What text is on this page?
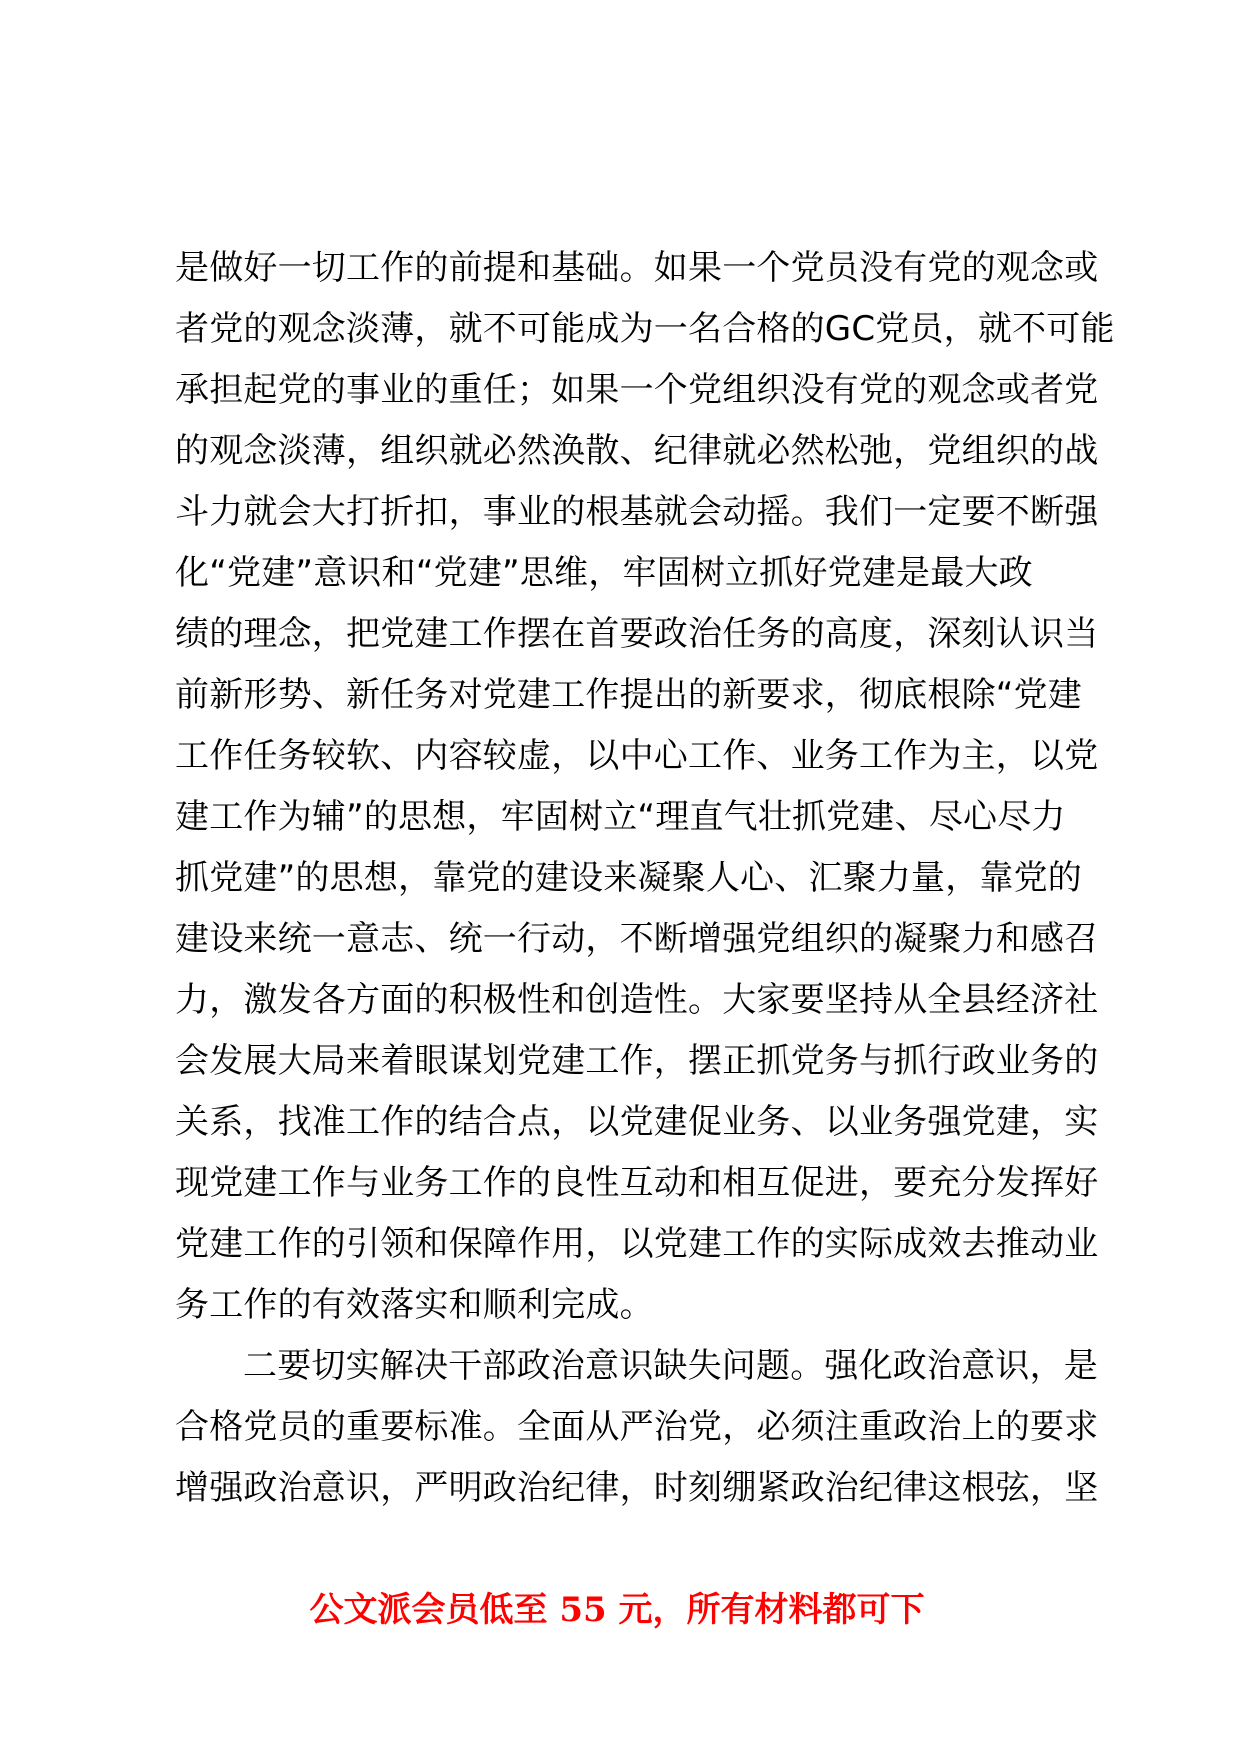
是做好一切工作的前提和基础。如果一个党员没有党的观念或
者党的观念淡薄，就不可能成为一名合格的GC党员，就不可能
承担起党的事业的重任；如果一个党组织没有党的观念或者党
的观念淡薄，组织就必然涣散、纪律就必然松弛，党组织的战
斗力就会大打折扣，事业的根基就会动摇。我们一定要不断强
化“党建”意识和“党建”思维，牢固树立抓好党建是最大政
绩的理念，把党建工作摆在首要政治任务的高度，深刻认识当
前新形势、新任务对党建工作提出的新要求，彻底根除“党建
工作任务较软、内容较虚，以中心工作、业务工作为主，以党
建工作为辅”的思想，牢固树立“理直气壮抓党建、尽心尽力
抓党建”的思想，靠党的建设来凝聚人心、汇聚力量，靠党的
建设来统一意志、统一行动，不断增强党组织的凝聚力和感召
力，激发各方面的积极性和创造性。大家要坚持从全县经济社
会发展大局来着眼谋划党建工作，摆正抓党务与抓行政业务的
关系，找准工作的结合点，以党建促业务、以业务强党建，实
现党建工作与业务工作的良性互动和相互促进，要充分发挥好
党建工作的引领和保障作用，以党建工作的实际成效去推动业
务工作的有效落实和顺利完成。
二要切实解决干部政治意识缺失问题。强化政治意识，是
合格党员的重要标准。全面从严治党，必须注重政治上的要求
增强政治意识，严明政治纪律，时刻绷紧政治纪律这根弦，坚
公文派会员低至 55 元，所有材料都可下
